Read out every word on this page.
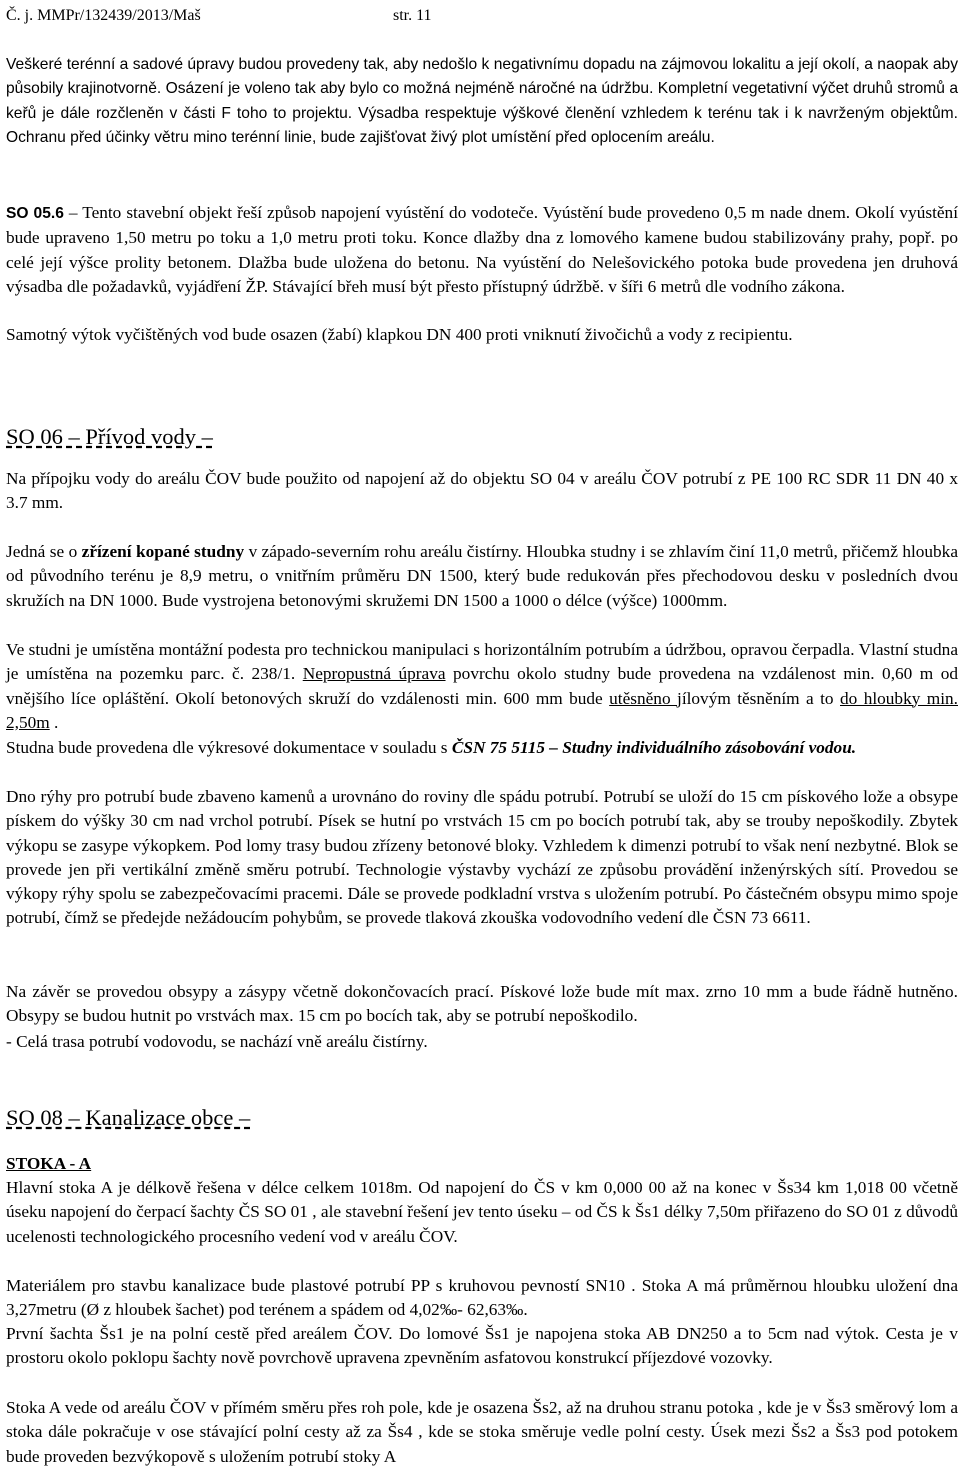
Č. j. MMPr/132439/2013/Maš	str. 11

Veškeré terénní a sadové úpravy budou provedeny tak, aby nedošlo k negativnímu dopadu na zájmovou lokalitu a její okolí, a naopak aby působily krajinotvorně. Osázení je voleno tak aby bylo co možná nejméně náročné na údržbu. Kompletní vegetativní výčet druhů stromů a keřů je dále rozčleněn v části F toho to projektu. Výsadba respektuje výškové členění vzhledem k terénu tak i k navrženým objektům. Ochranu před účinky větru mino terénní linie, bude zajišťovat živý plot umístění před oplocením areálu.

SO 05.6 – Tento stavební objekt řeší způsob napojení vyústění do vodoteče. Vyústění bude provedeno 0,5 m nade dnem. Okolí vyústění bude upraveno 1,50 metru po toku a 1,0 metru proti toku. Konce dlažby dna z lomového kamene budou stabilizovány prahy, popř. po celé její výšce prolity betonem. Dlažba bude uložena do betonu. Na vyústění do Nelešovického potoka bude provedena jen druhová výsadba dle požadavků, vyjádření ŽP. Stávající břeh musí být přesto přístupný údržbě. v šíři 6 metrů dle vodního zákona.

Samotný výtok vyčištěných vod bude osazen (žabí) klapkou DN 400 proti vniknutí živočichů a vody z recipientu.

SO 06 – Přívod vody –

Na přípojku vody do areálu ČOV bude použito od napojení až do objektu SO 04 v areálu ČOV potrubí z PE 100 RC SDR 11 DN 40 x 3.7 mm.

Jedná se o zřízení kopané studny v západo-severním rohu areálu čistírny. Hloubka studny i se zhlavím činí 11,0 metrů, přičemž hloubka od původního terénu je 8,9 metru, o vnitřním průměru DN 1500, který bude redukován přes přechodovou desku v posledních dvou skružích na DN 1000. Bude vystrojena betonovými skružemi DN 1500 a 1000 o délce (výšce) 1000mm.

Ve studni je umístěna montážní podesta pro technickou manipulaci s horizontálním potrubím a údržbou, opravou čerpadla. Vlastní studna je umístěna na pozemku parc. č. 238/1. Nepropustná úprava povrchu okolo studny bude provedena na vzdálenost min. 0,60 m od vnějšího líce opláštění. Okolí betonových skruží do vzdálenosti min. 600 mm bude utěsněno jílovým těsněním a to do hloubky min. 2,50m .

Studna bude provedena dle výkresové dokumentace v souladu s ČSN 75 5115 – Studny individuálního zásobování vodou.

Dno rýhy pro potrubí bude zbaveno kamenů a urovnáno do roviny dle spádu potrubí. Potrubí se uloží do 15 cm pískového lože a obsype pískem do výšky 30 cm nad vrchol potrubí. Písek se hutní po vrstvách 15 cm po bocích potrubí tak, aby se trouby nepoškodily. Zbytek výkopu se zasype výkopkem. Pod lomy trasy budou zřízeny betonové bloky. Vzhledem k dimenzi potrubí to však není nezbytné. Blok se provede jen při vertikální změně směru potrubí. Technologie výstavby vychází ze způsobu provádění inženýrských sítí. Provedou se výkopy rýhy spolu se zabezpečovacími pracemi. Dále se provede podkladní vrstva s uložením potrubí. Po částečném obsypu mimo spoje potrubí, čímž se předejde nežádoucím pohybům, se provede tlaková zkouška vodovodního vedení dle ČSN 73 6611.

Na závěr se provedou obsypy a zásypy včetně dokončovacích prací. Pískové lože bude mít max. zrno 10 mm a bude řádně hutněno. Obsypy se budou hutnit po vrstvách max. 15 cm po bocích tak, aby se potrubí nepoškodilo.

- Celá trasa potrubí vodovodu, se nachází vně areálu čistírny.

SO 08 – Kanalizace obce –
STOKA - A

Hlavní stoka A je délkově řešena v délce celkem 1018m. Od napojení do ČS v km 0,000 00 až na konec v Šs34 km 1,018 00 včetně úseku napojení do čerpací šachty ČS SO 01 , ale stavební řešení jev tento úseku – od ČS k Šs1 délky 7,50m přiřazeno do SO 01 z důvodů ucelenosti technologického procesního vedení vod v areálu ČOV.

Materiálem pro stavbu kanalizace bude plastové potrubí PP s kruhovou pevností SN10 . Stoka A má průměrnou hloubku uložení dna 3,27metru (Ø z hloubek šachet) pod terénem a spádem od 4,02‰- 62,63‰.

První šachta Šs1 je na polní cestě před areálem ČOV. Do lomové Šs1 je napojena stoka AB DN250 a to 5cm nad výtok. Cesta je v prostoru okolo poklopu šachty nově povrchově upravena zpevněním asfatovou konstrukcí příjezdové vozovky.

Stoka A vede od areálu ČOV v přímém směru přes roh pole, kde je osazena Šs2, až na druhou stranu potoka , kde je v Šs3 směrový lom a stoka dále pokračuje v ose stávající polní cesty až za Šs4 , kde se stoka směruje vedle polní cesty. Úsek mezi Šs2 a Šs3 pod potokem bude proveden bezvýkopově s uložením potrubí stoky A
